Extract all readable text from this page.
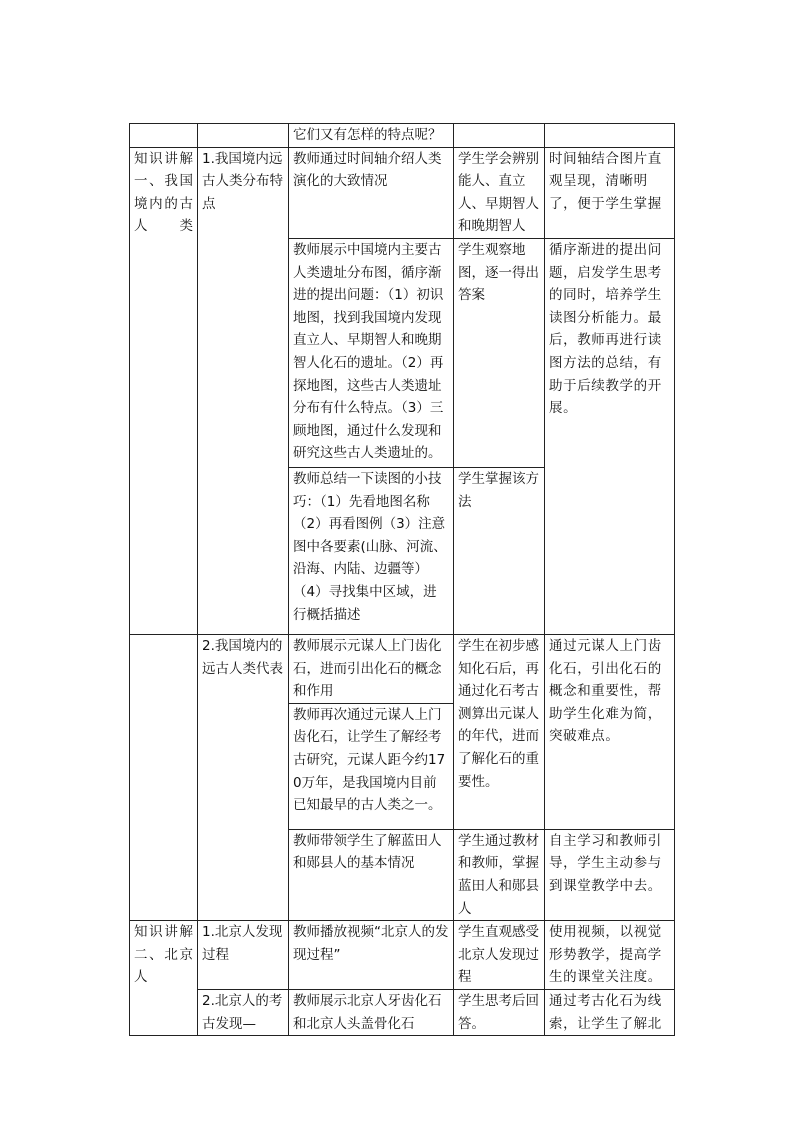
		它们又有怎样的特点呢？		
知识讲解一、我国境内的古人类	1.我国境内远古人类分布特点	教师通过时间轴介绍人类演化的大致情况	学生学会辨别能人、直立人、早期智人和晚期智人	时间轴结合图片直观呈现，清晰明了，便于学生掌握
		教师展示中国境内主要古人类遗址分布图，循序渐进的提出问题：（1）初识地图，找到我国境内发现直立人、早期智人和晚期智人化石的遗址。（2）再探地图，这些古人类遗址分布有什么特点。（3）三顾地图，通过什么发现和研究这些古人类遗址的。	学生观察地图，逐一得出答案	循序渐进的提出问题，启发学生思考的同时，培养学生读图分析能力。最后，教师再进行读图方法的总结，有助于后续教学的开展。

		教师总结一下读图的小技巧：（1）先看地图名称
（2）再看图例（3）注意图中各要素(山脉、河流、沿海、内陆、边疆等）（4）寻找集中区域，进行概括描述	学生掌握该方法	
	2.我国境内的远古人类代表	教师展示元谋人上门齿化石，进而引出化石的概念和作用	学生在初步感知化石后，再通过化石考古测算出元谋人的年代，进而了解化石的重要性。	通过元谋人上门齿化石，引出化石的概念和重要性，帮助学生化难为简，突破难点。
		教师再次通过元谋人上门齿化石，让学生了解经考古研究，元谋人距今约170万年，是我国境内目前已知最早的古人类之一。		
		教师带领学生了解蓝田人和郧县人的基本情况	学生通过教材和教师，掌握蓝田人和郧县人	自主学习和教师引导，学生主动参与到课堂教学中去。
知识讲解二、北京人	1.北京人发现过程	教师播放视频“北京人的发现过程”	学生直观感受北京人发现过程	使用视频，以视觉形势教学，提高学生的课堂关注度。
	2.北京人的考古发现—	教师展示北京人牙齿化石和北京人头盖骨化石	学生思考后回答。	通过考古化石为线索，让学生了解北
